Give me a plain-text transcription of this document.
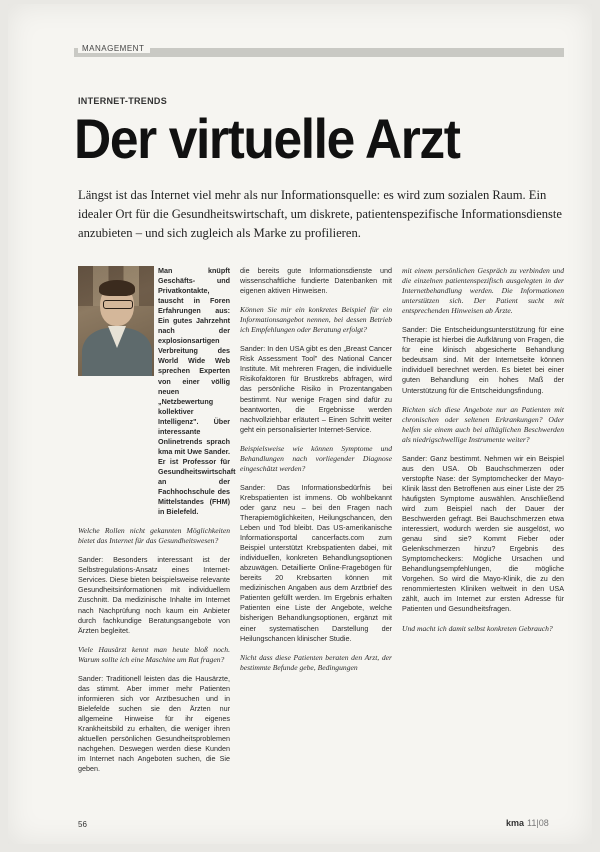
MANAGEMENT
INTERNET-TRENDS
Der virtuelle Arzt
Längst ist das Internet viel mehr als nur Informationsquelle: es wird zum sozialen Raum. Ein idealer Ort für die Gesundheitswirtschaft, um diskrete, patientenspezifische Informationsdienste anzubieten – und sich zugleich als Marke zu profilieren.

Man knüpft Geschäfts- und Privatkontakte, tauscht in Foren Erfahrungen aus: Ein gutes Jahrzehnt nach der explosionsartigen Verbreitung des World Wide Web sprechen Experten von einer völlig neuen „Netzbewertung kollektiver Intelligenz". Über interessante Onlinetrends sprach kma mit Uwe Sander. Er ist Professor für Gesundheitswirtschaft an der Fachhochschule des Mittelstandes (FHM) in Bielefeld.

Welche Rollen nicht gekannten Möglichkeiten bietet das Internet für das Gesundheitswesen?

Sander: Besonders interessant ist der Selbstregulations-Ansatz eines Internet-Services. Diese bieten beispielsweise relevante Gesundheitsinformationen mit individuellem Zuschnitt. Da medizinische Inhalte im Internet nach Nachprüfung noch kaum ein Anbieter durch fachkundige Beratungsangebote von Ärzten begleitet.

Viele Hausärzt kennt man heute bloß noch. Warum sollte ich eine Maschine um Rat fragen?

Sander: Traditionell leisten das die Hausärzte, das stimmt. Aber immer mehr Patienten informieren sich vor Arztbesuchen und in Bielefelde suchen sie den Ärzten nur allgemeine Hinweise für ihr eigenes Krankheitsbild zu erhalten, die weniger ihren aktuellen persönlichen Gesundheitsproblemen nachgehen. Deswegen werden diese Kunden im Internet nach Angeboten suchen, die Sie geben.

die bereits gute Informationsdienste und wissenschaftliche fundierte Datenbanken mit eigenen aktiven Hinweisen.

Können Sie mir ein konkretes Beispiel für ein Informationsangebot nennen, bei dessen Betrieb ich Empfehlungen oder Beratung erfolgt?

Sander: In den USA gibt es den „Breast Cancer Risk Assessment Tool" des National Cancer Institute. Mit mehreren Fragen, die individuelle Risikofaktoren für Brustkrebs abfragen, wird das persönliche Risiko in Prozentangaben bestimmt. Nur wenige Fragen sind dafür zu beantworten, die Ergebnisse werden nachvollziehbar erläutert – Einen Schritt weiter geht ein personalisierter Internet-Service.

Beispielsweise wie können Symptome und Behandlungen nach vorliegender Diagnose eingeschätzt werden?

Sander: Das Informationsbedürfnis bei Krebspatienten ist immens. Ob wohlbekannt oder ganz neu – bei den Fragen nach Therapiemöglichkeiten, Heilungschancen, den Leben und Tod bleibt. Das US-amerikanische Informationsportal cancerfacts.com zum Beispiel unterstützt Krebspatienten dabei, mit individuellen, konkreten Behandlungsoptionen abzuwägen. Detaillierte Online-Fragebögen für bereits 20 Krebsarten können mit medizinischen Angaben aus dem Arztbrief des Patienten gefüllt werden. Im Ergebnis erhalten Patienten eine Liste der Angebote, welche bisherigen Behandlungsoptionen, ergänzt mit einer systematischen Darstellung der Heilungschancen klinischer Studie.

Nicht dass diese Patienten beraten den Arzt, der bestimmte Befunde gebe, Bedingungen

mit einem persönlichen Gespräch zu verbinden und die einzelnen patientenspezifisch ausgelegten in der Internetbehandlung werden. Die Informationen unterstützen sich. Der Patient sucht mit entsprechenden Hinweisen ab Ärzte.

Sander: Die Entscheidungsunterstützung für eine Therapie ist hierbei die Aufklärung von Fragen, die für eine klinisch abgesicherte Behandlung bedeutsam sind. Mit der Internetseite können individuell berechnet werden. Es bietet bei einer guten Behandlung ein hohes Maß der Unterstützung für die Entscheidungsfindung.

Richten sich diese Angebote nur an Patienten mit chronischen oder seltenen Erkrankungen? Oder helfen sie einem auch bei alltäglichen Beschwerden als niedrigschwellige Instrumente weiter?

Sander: Ganz bestimmt. Nehmen wir ein Beispiel aus den USA. Ob Bauchschmerzen oder verstopfte Nase: der Symptomchecker der Mayo-Klinik lässt den Betroffenen aus einer Liste der 25 häufigsten Symptome auswählen. Anschließend wird zum Beispiel nach der Dauer der Beschwerden gefragt. Bei Bauchschmerzen etwa interessiert, wodurch werden sie ausgelöst, wo genau sind sie? Kommt Fieber oder Gelenkschmerzen hinzu? Ergebnis des Symptomcheckers: Mögliche Ursachen und Behandlungsempfehlungen, die mögliche Vorgehen. So wird die Mayo-Klinik, die zu den renommiertesten Kliniken weltweit in den USA zählt, auch im Internet zur ersten Adresse für Patienten und Gesundheitsfragen.

Und macht ich damit selbst konkreten Gebrauch?

56	kma 11|08
